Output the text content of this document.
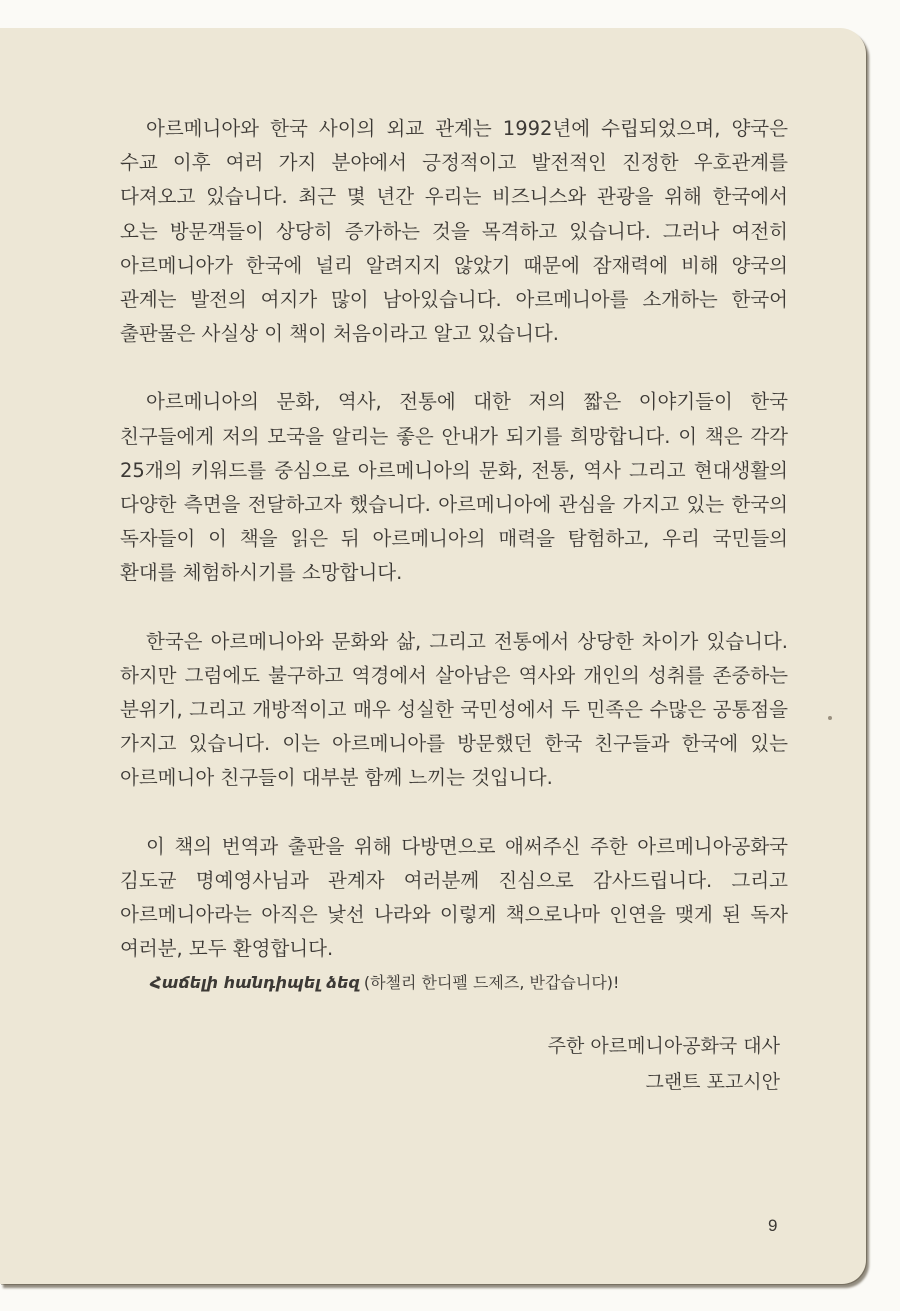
아르메니아와 한국 사이의 외교 관계는 1992년에 수립되었으며, 양국은 수교 이후 여러 가지 분야에서 긍정적이고 발전적인 진정한 우호관계를 다져오고 있습니다. 최근 몇 년간 우리는 비즈니스와 관광을 위해 한국에서 오는 방문객들이 상당히 증가하는 것을 목격하고 있습니다. 그러나 여전히 아르메니아가 한국에 널리 알려지지 않았기 때문에 잠재력에 비해 양국의 관계는 발전의 여지가 많이 남아있습니다. 아르메니아를 소개하는 한국어 출판물은 사실상 이 책이 처음이라고 알고 있습니다.

아르메니아의 문화, 역사, 전통에 대한 저의 짧은 이야기들이 한국 친구들에게 저의 모국을 알리는 좋은 안내가 되기를 희망합니다. 이 책은 각각 25개의 키워드를 중심으로 아르메니아의 문화, 전통, 역사 그리고 현대생활의 다양한 측면을 전달하고자 했습니다. 아르메니아에 관심을 가지고 있는 한국의 독자들이 이 책을 읽은 뒤 아르메니아의 매력을 탐험하고, 우리 국민들의 환대를 체험하시기를 소망합니다.

한국은 아르메니아와 문화와 삶, 그리고 전통에서 상당한 차이가 있습니다. 하지만 그럼에도 불구하고 역경에서 살아남은 역사와 개인의 성취를 존중하는 분위기, 그리고 개방적이고 매우 성실한 국민성에서 두 민족은 수많은 공통점을 가지고 있습니다. 이는 아르메니아를 방문했던 한국 친구들과 한국에 있는 아르메니아 친구들이 대부분 함께 느끼는 것입니다.

이 책의 번역과 출판을 위해 다방면으로 애써주신 주한 아르메니아공화국 김도균 명예영사님과 관계자 여러분께 진심으로 감사드립니다. 그리고 아르메니아라는 아직은 낯선 나라와 이렇게 책으로나마 인연을 맺게 된 독자 여러분, 모두 환영합니다.

Հաճելի հանդիպել ձեզ (하첼리 한디펠 드제즈, 반갑습니다)!

주한 아르메니아공화국 대사
그랜트 포고시안
9
